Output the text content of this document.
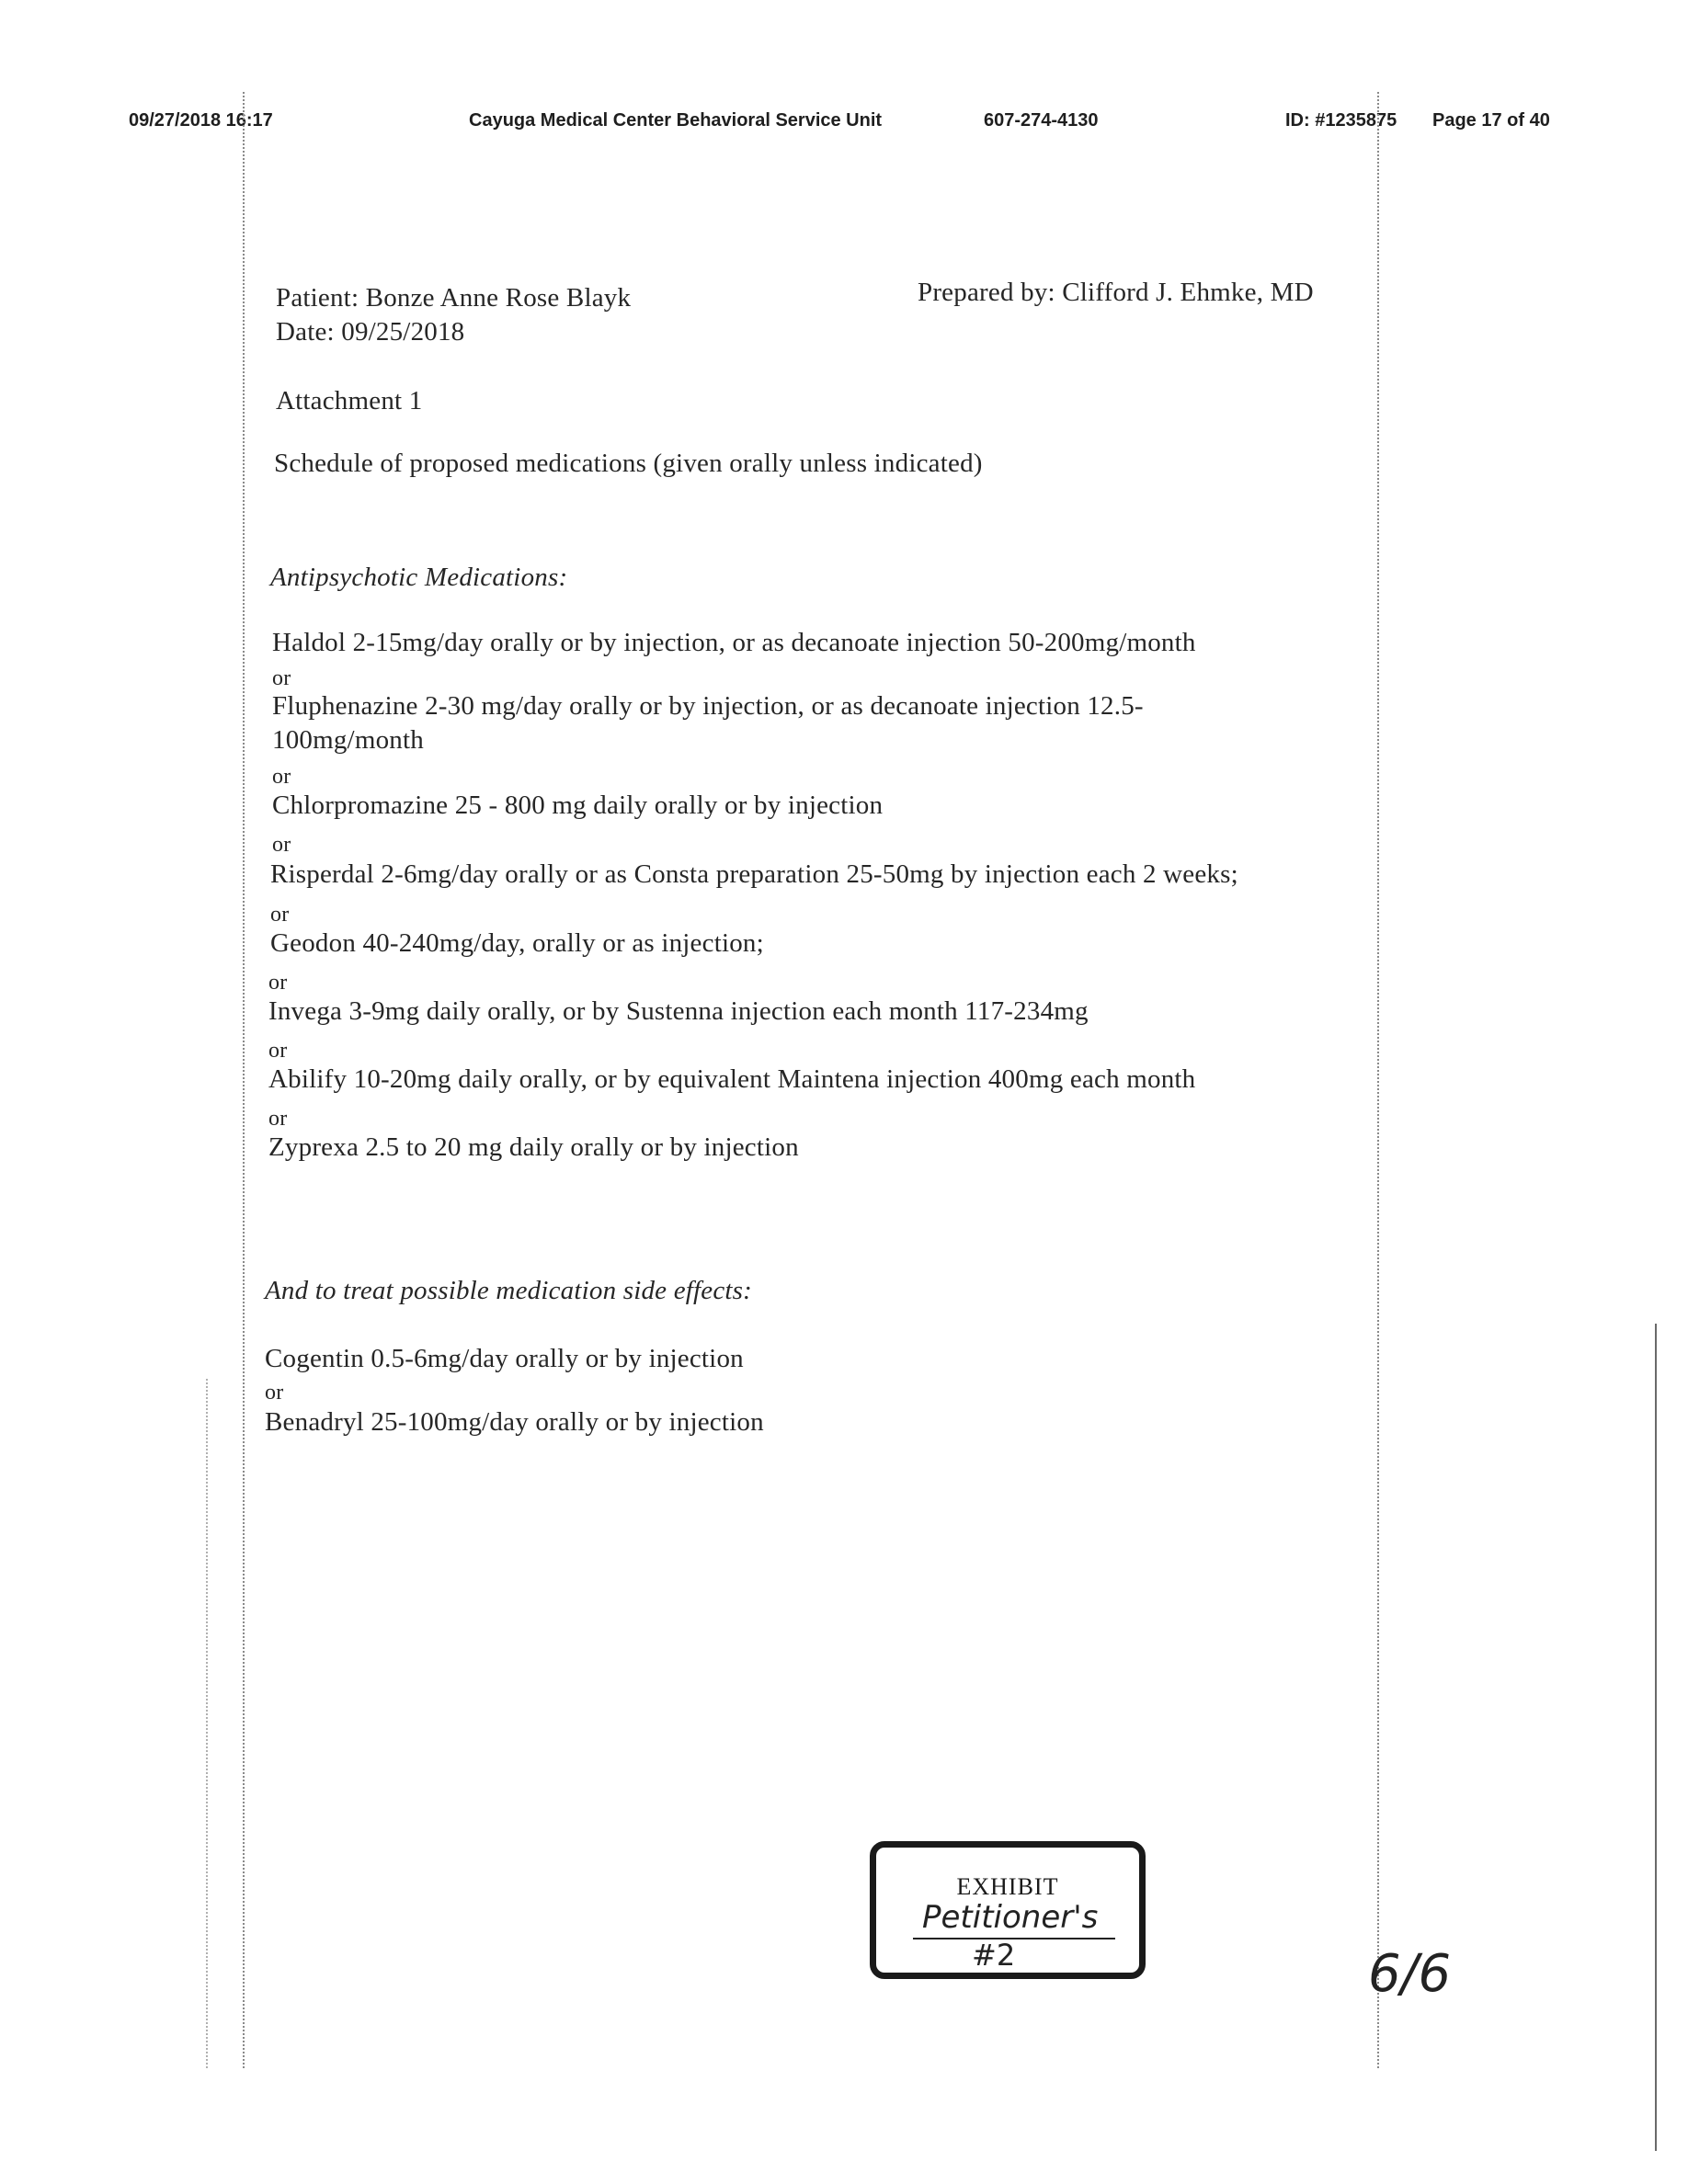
09/27/2018 16:17	Cayuga Medical Center Behavioral Service Unit	607-274-4130	ID: #1235875 Page 17 of 40
Patient: Bonze Anne Rose Blayk
Date: 09/25/2018
Prepared by: Clifford J. Ehmke, MD
Attachment 1
Schedule of proposed medications (given orally unless indicated)
Antipsychotic Medications:
Haldol 2-15mg/day orally or by injection, or as decanoate injection 50-200mg/month
or
Fluphenazine 2-30 mg/day orally or by injection, or as decanoate injection 12.5-
100mg/month
or
Chlorpromazine 25 - 800 mg daily orally or by injection
or
Risperdal 2-6mg/day orally or as Consta preparation 25-50mg by injection each 2 weeks;
or
Geodon 40-240mg/day, orally or as injection;
or
Invega 3-9mg daily orally, or by Sustenna injection each month 117-234mg
or
Abilify 10-20mg daily orally, or by equivalent Maintena injection 400mg each month
or
Zyprexa 2.5 to 20 mg daily orally or by injection
And to treat possible medication side effects:
Cogentin 0.5-6mg/day orally or by injection
or
Benadryl 25-100mg/day orally or by injection
EXHIBIT
Petitioner's
#2	6/6
